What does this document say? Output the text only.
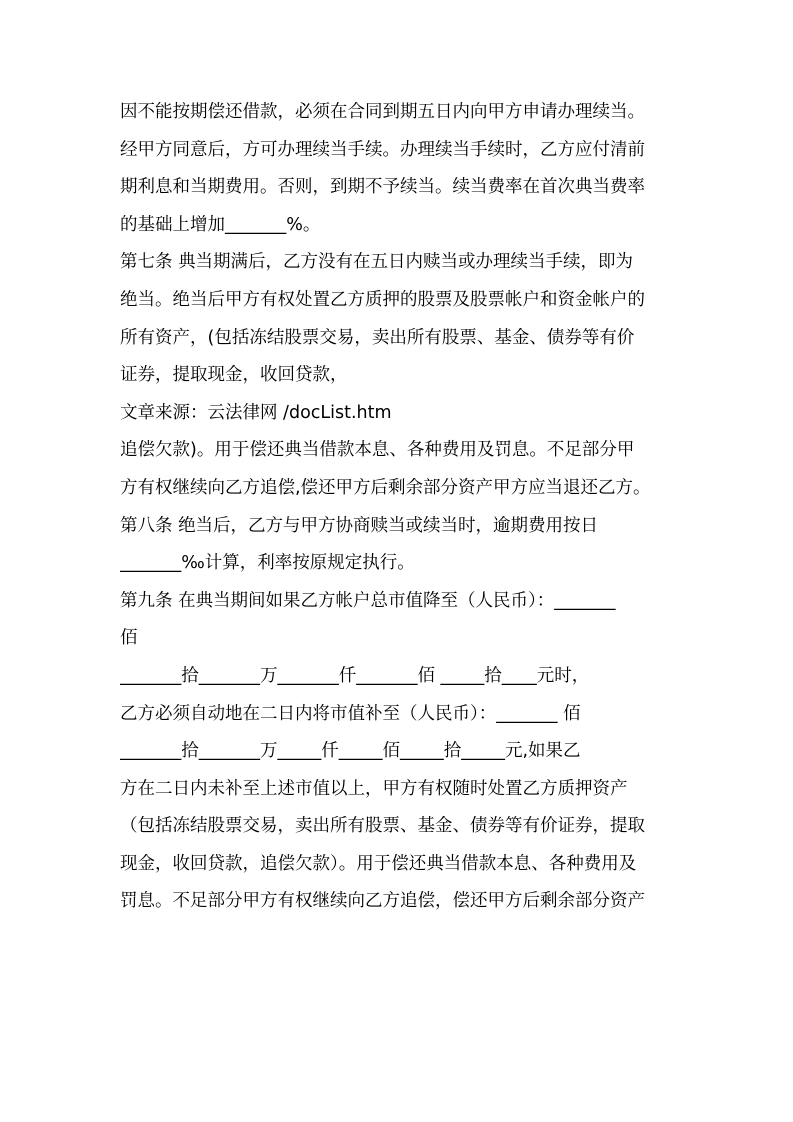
因不能按期偿还借款，必须在合同到期五日内向甲方申请办理续当。
经甲方同意后，方可办理续当手续。办理续当手续时，乙方应付清前
期利息和当期费用。否则，到期不予续当。续当费率在首次典当费率
的基础上增加_______%。
第七条 典当期满后，乙方没有在五日内赎当或办理续当手续，即为
绝当。绝当后甲方有权处置乙方质押的股票及股票帐户和资金帐户的
所有资产，(包括冻结股票交易，卖出所有股票、基金、债券等有价
证券，提取现金，收回贷款，
文章来源：云法律网 /docList.htm
追偿欠款)。用于偿还典当借款本息、各种费用及罚息。不足部分甲
方有权继续向乙方追偿,偿还甲方后剩余部分资产甲方应当退还乙方。
第八条 绝当后，乙方与甲方协商赎当或续当时，逾期费用按日
_______‰计算，利率按原规定执行。
第九条 在典当期间如果乙方帐户总市值降至（人民币）：_______
佰
_______拾_______万_______仟_______佰 _____拾____元时，
乙方必须自动地在二日内将市值补至（人民币）：_______ 佰
_______拾_______万_____仟_____佰_____拾_____元,如果乙
方在二日内未补至上述市值以上，甲方有权随时处置乙方质押资产
（包括冻结股票交易，卖出所有股票、基金、债券等有价证券，提取
现金，收回贷款，追偿欠款）。用于偿还典当借款本息、各种费用及
罚息。不足部分甲方有权继续向乙方追偿，偿还甲方后剩余部分资产
